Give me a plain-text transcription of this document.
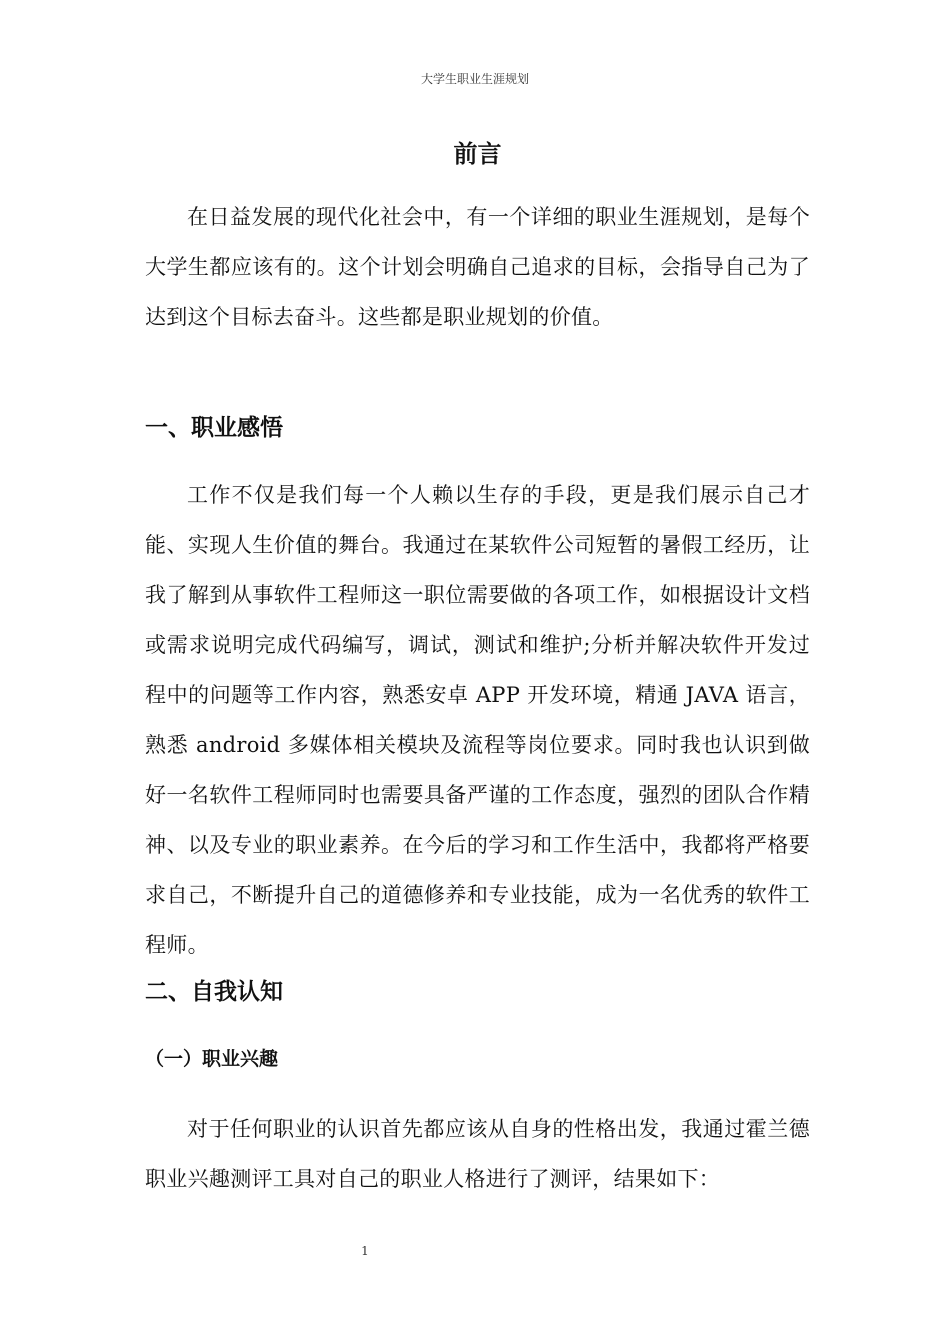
大学生职业生涯规划
前言

在日益发展的现代化社会中，有一个详细的职业生涯规划，是每个大学生都应该有的。这个计划会明确自己追求的目标，会指导自己为了达到这个目标去奋斗。这些都是职业规划的价值。

一、职业感悟

工作不仅是我们每一个人赖以生存的手段，更是我们展示自己才能、实现人生价值的舞台。我通过在某软件公司短暂的暑假工经历，让我了解到从事软件工程师这一职位需要做的各项工作，如根据设计文档或需求说明完成代码编写，调试，测试和维护;分析并解决软件开发过程中的问题等工作内容，熟悉安卓 APP 开发环境，精通 JAVA 语言，熟悉 android 多媒体相关模块及流程等岗位要求。同时我也认识到做好一名软件工程师同时也需要具备严谨的工作态度，强烈的团队合作精神、以及专业的职业素养。在今后的学习和工作生活中，我都将严格要求自己，不断提升自己的道德修养和专业技能，成为一名优秀的软件工程师。

二、自我认知
（一）职业兴趣

对于任何职业的认识首先都应该从自身的性格出发，我通过霍兰德职业兴趣测评工具对自己的职业人格进行了测评，结果如下：

1
